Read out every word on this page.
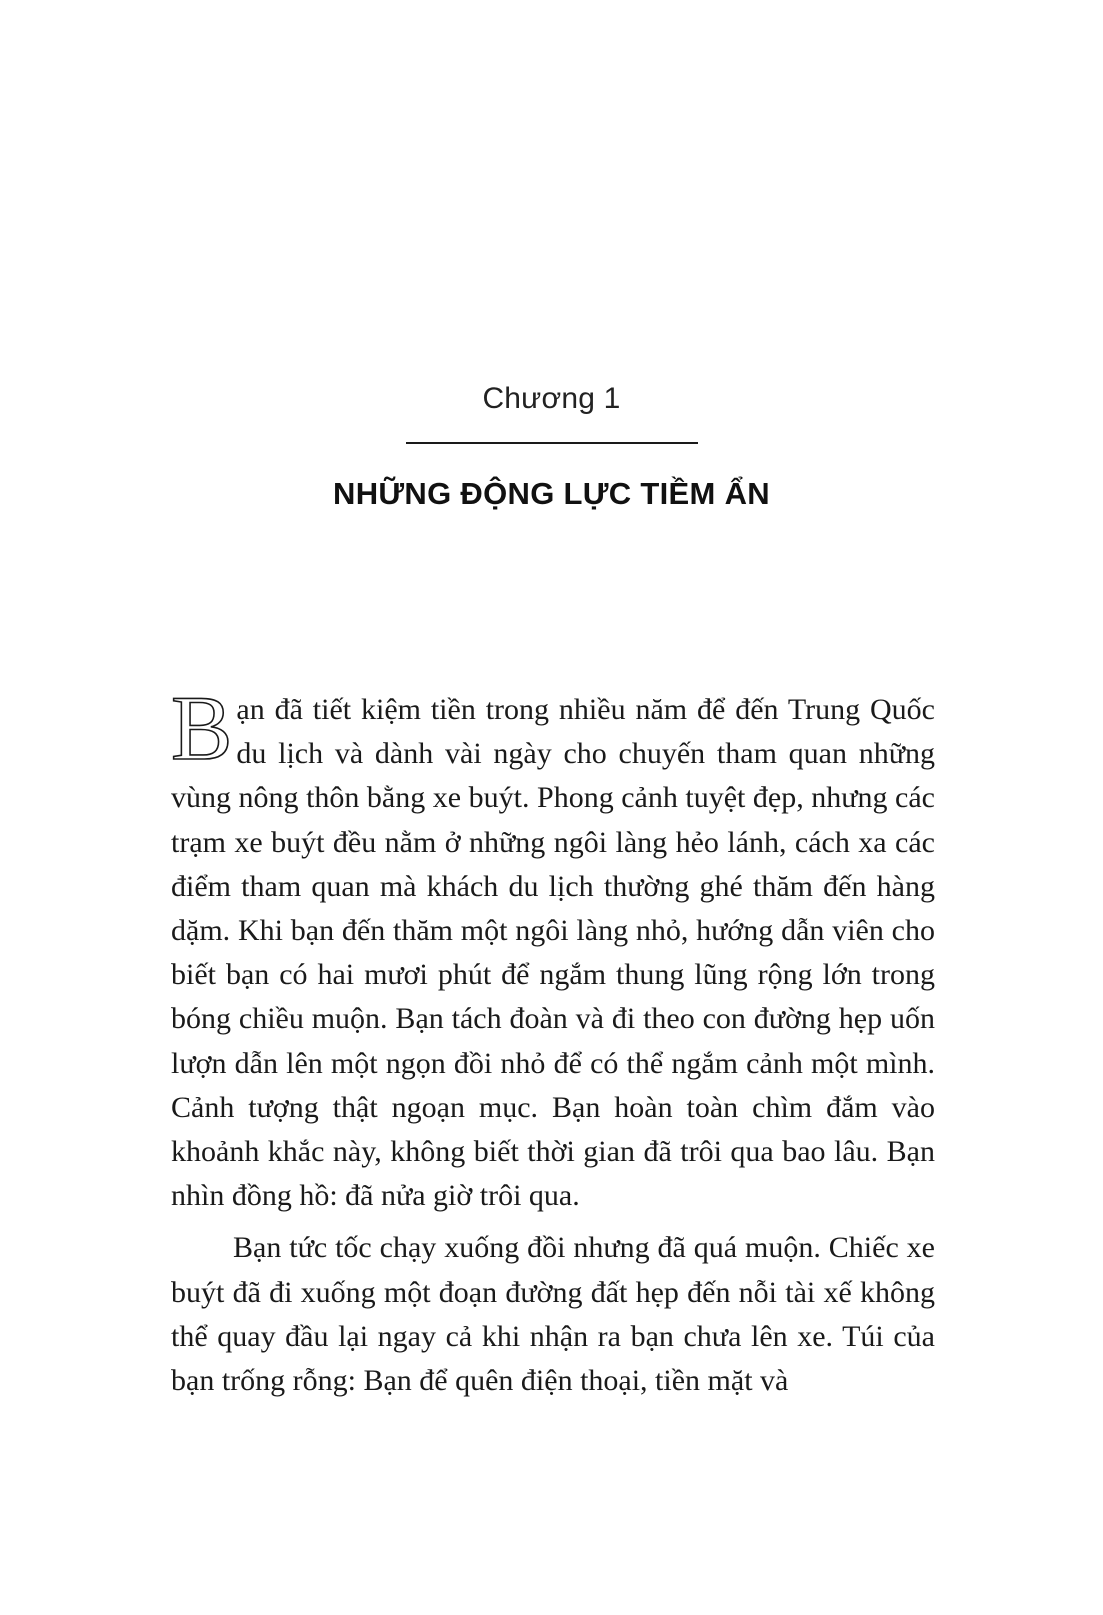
Chương 1
NHỮNG ĐỘNG LỰC TIỀM ẨN

Bạn đã tiết kiệm tiền trong nhiều năm để đến Trung Quốc du lịch và dành vài ngày cho chuyến tham quan những vùng nông thôn bằng xe buýt. Phong cảnh tuyệt đẹp, nhưng các trạm xe buýt đều nằm ở những ngôi làng hẻo lánh, cách xa các điểm tham quan mà khách du lịch thường ghé thăm đến hàng dặm. Khi bạn đến thăm một ngôi làng nhỏ, hướng dẫn viên cho biết bạn có hai mươi phút để ngắm thung lũng rộng lớn trong bóng chiều muộn. Bạn tách đoàn và đi theo con đường hẹp uốn lượn dẫn lên một ngọn đồi nhỏ để có thể ngắm cảnh một mình. Cảnh tượng thật ngoạn mục. Bạn hoàn toàn chìm đắm vào khoảnh khắc này, không biết thời gian đã trôi qua bao lâu. Bạn nhìn đồng hồ: đã nửa giờ trôi qua.

Bạn tức tốc chạy xuống đồi nhưng đã quá muộn. Chiếc xe buýt đã đi xuống một đoạn đường đất hẹp đến nỗi tài xế không thể quay đầu lại ngay cả khi nhận ra bạn chưa lên xe. Túi của bạn trống rỗng: Bạn để quên điện thoại, tiền mặt và
